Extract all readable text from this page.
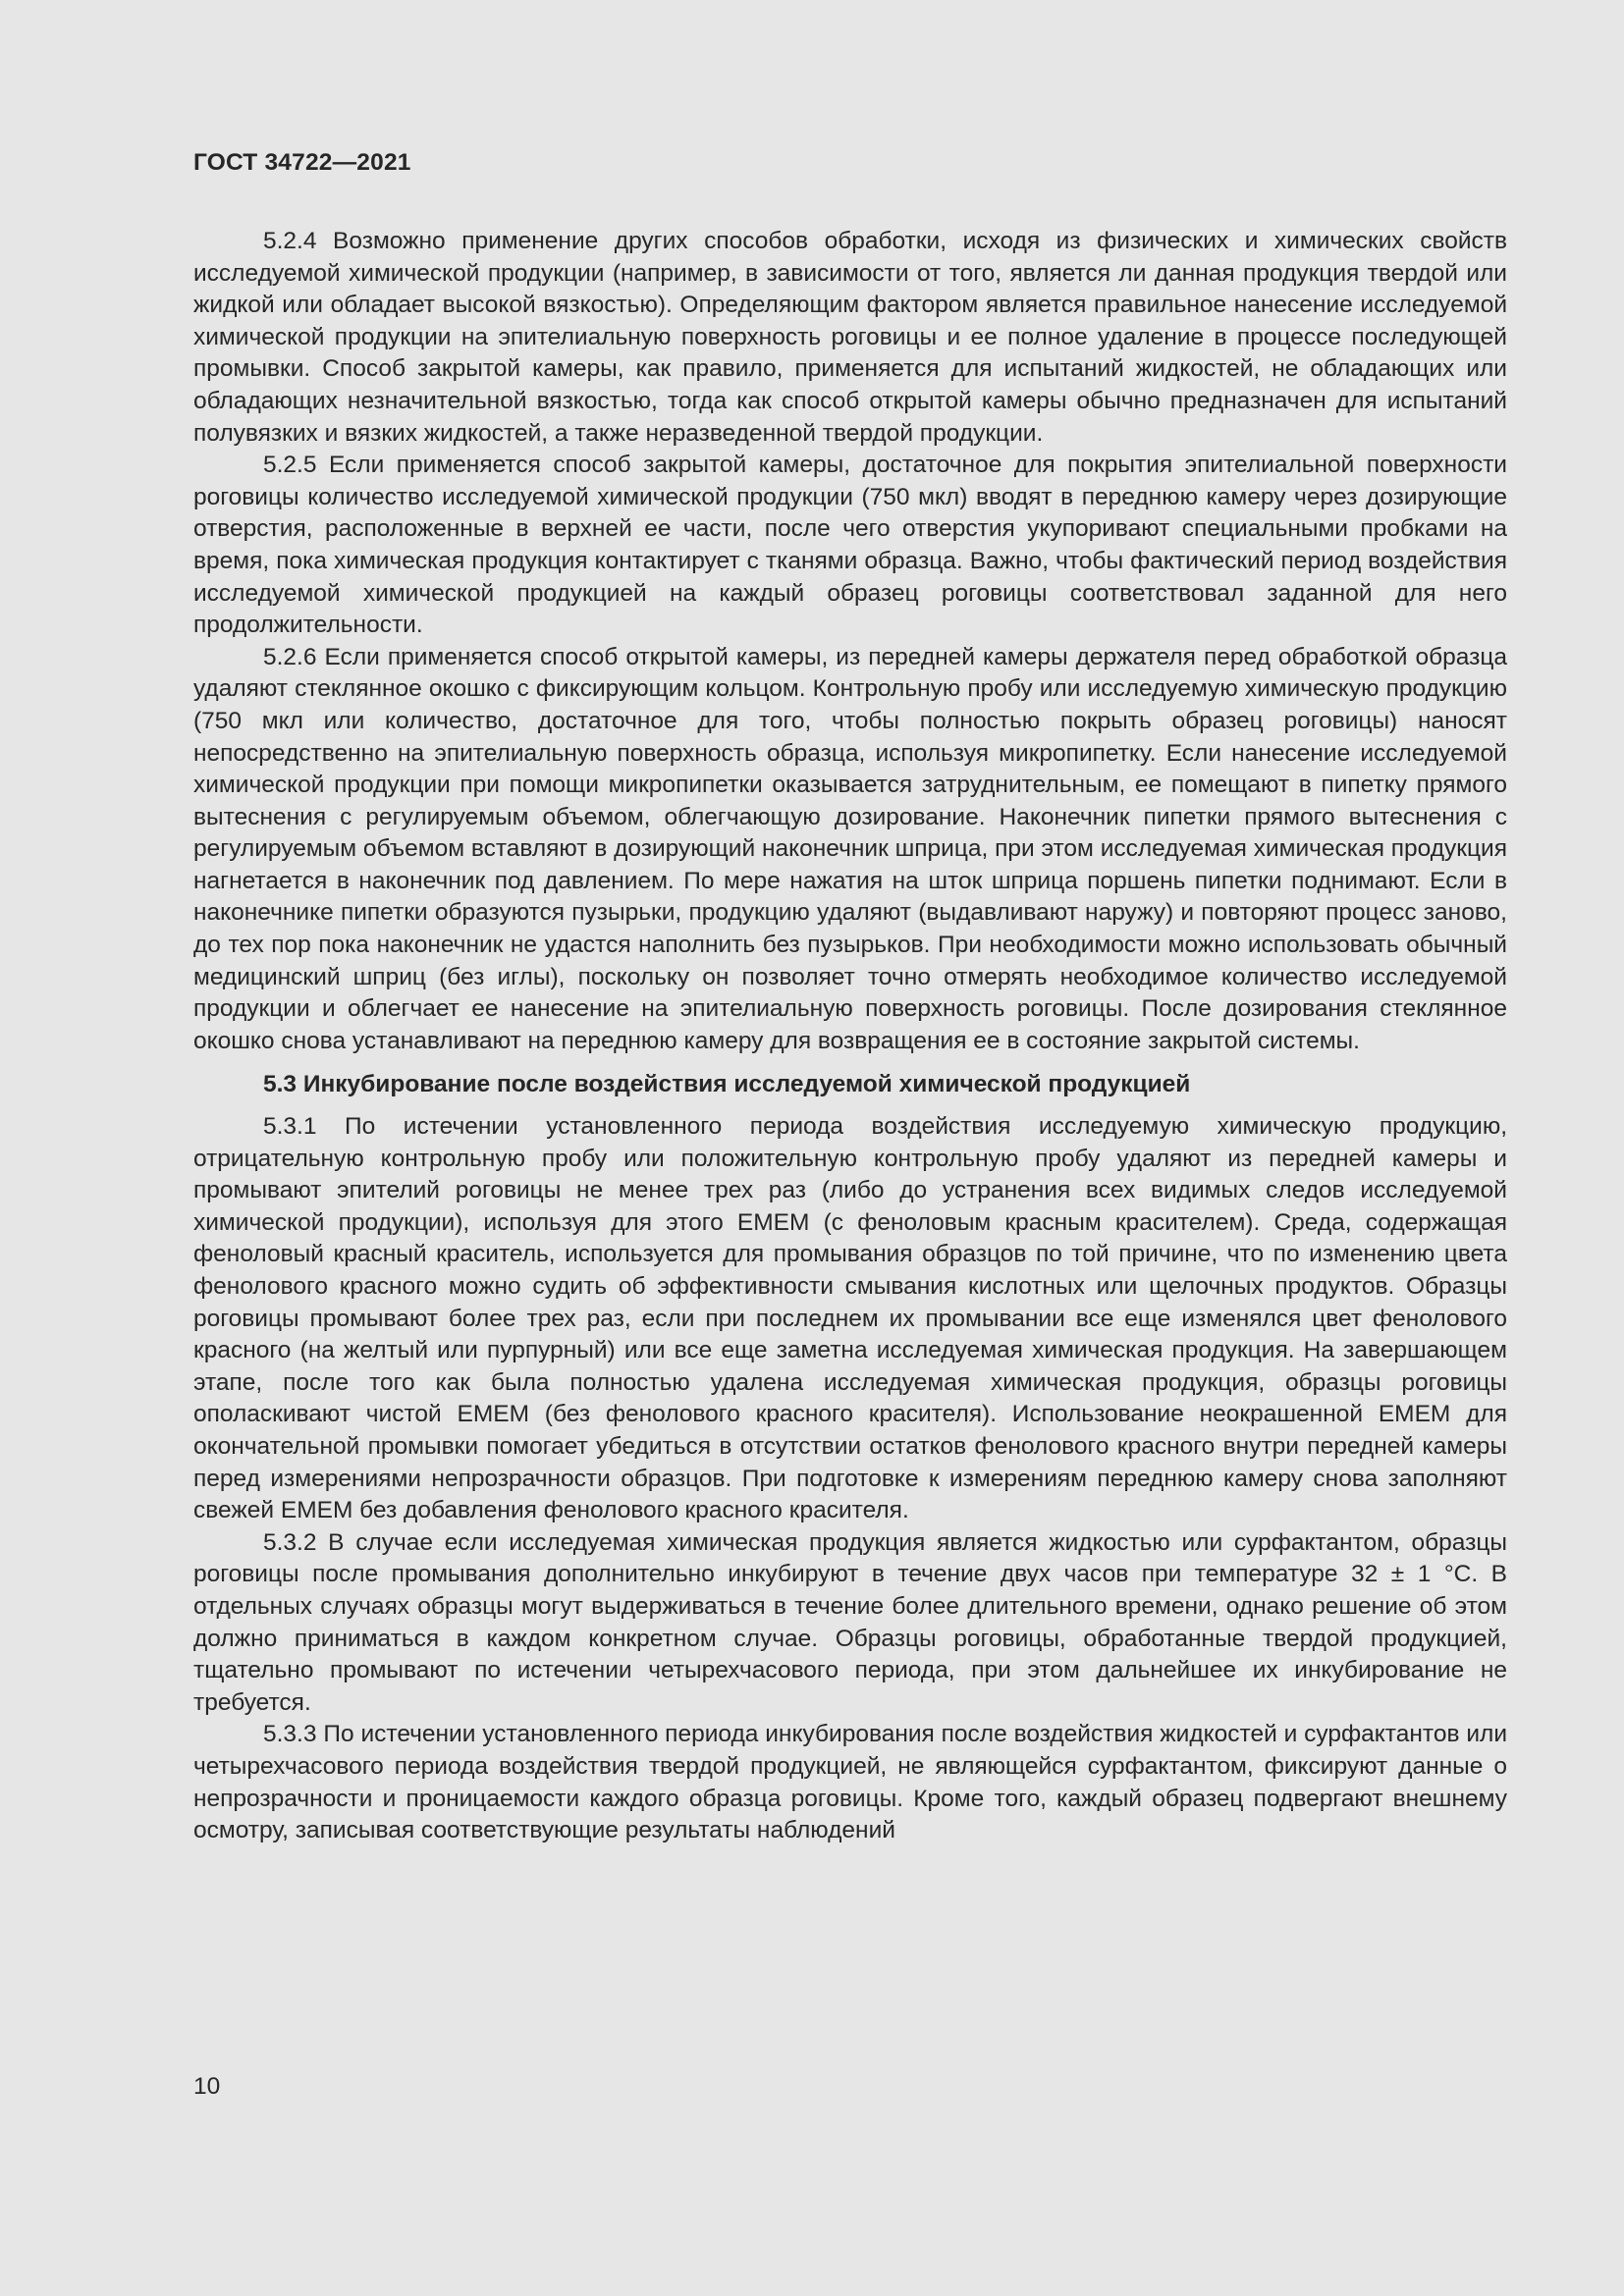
ГОСТ 34722—2021

5.2.4 Возможно применение других способов обработки, исходя из физических и химических свойств исследуемой химической продукции (например, в зависимости от того, является ли данная продукция твердой или жидкой или обладает высокой вязкостью). Определяющим фактором является правильное нанесение исследуемой химической продукции на эпителиальную поверхность роговицы и ее полное удаление в процессе последующей промывки. Способ закрытой камеры, как правило, применяется для испытаний жидкостей, не обладающих или обладающих незначительной вязкостью, тогда как способ открытой камеры обычно предназначен для испытаний полувязких и вязких жидкостей, а также неразведенной твердой продукции.

5.2.5 Если применяется способ закрытой камеры, достаточное для покрытия эпителиальной поверхности роговицы количество исследуемой химической продукции (750 мкл) вводят в переднюю камеру через дозирующие отверстия, расположенные в верхней ее части, после чего отверстия укупоривают специальными пробками на время, пока химическая продукция контактирует с тканями образца. Важно, чтобы фактический период воздействия исследуемой химической продукцией на каждый образец роговицы соответствовал заданной для него продолжительности.

5.2.6 Если применяется способ открытой камеры, из передней камеры держателя перед обработкой образца удаляют стеклянное окошко с фиксирующим кольцом. Контрольную пробу или исследуемую химическую продукцию (750 мкл или количество, достаточное для того, чтобы полностью покрыть образец роговицы) наносят непосредственно на эпителиальную поверхность образца, используя микропипетку. Если нанесение исследуемой химической продукции при помощи микропипетки оказывается затруднительным, ее помещают в пипетку прямого вытеснения с регулируемым объемом, облегчающую дозирование. Наконечник пипетки прямого вытеснения с регулируемым объемом вставляют в дозирующий наконечник шприца, при этом исследуемая химическая продукция нагнетается в наконечник под давлением. По мере нажатия на шток шприца поршень пипетки поднимают. Если в наконечнике пипетки образуются пузырьки, продукцию удаляют (выдавливают наружу) и повторяют процесс заново, до тех пор пока наконечник не удастся наполнить без пузырьков. При необходимости можно использовать обычный медицинский шприц (без иглы), поскольку он позволяет точно отмерять необходимое количество исследуемой продукции и облегчает ее нанесение на эпителиальную поверхность роговицы. После дозирования стеклянное окошко снова устанавливают на переднюю камеру для возвращения ее в состояние закрытой системы.

5.3 Инкубирование после воздействия исследуемой химической продукцией

5.3.1 По истечении установленного периода воздействия исследуемую химическую продукцию, отрицательную контрольную пробу или положительную контрольную пробу удаляют из передней камеры и промывают эпителий роговицы не менее трех раз (либо до устранения всех видимых следов исследуемой химической продукции), используя для этого ЕМЕМ (с феноловым красным красителем). Среда, содержащая феноловый красный краситель, используется для промывания образцов по той причине, что по изменению цвета фенолового красного можно судить об эффективности смывания кислотных или щелочных продуктов. Образцы роговицы промывают более трех раз, если при последнем их промывании все еще изменялся цвет фенолового красного (на желтый или пурпурный) или все еще заметна исследуемая химическая продукция. На завершающем этапе, после того как была полностью удалена исследуемая химическая продукция, образцы роговицы ополаскивают чистой ЕМЕМ (без фенолового красного красителя). Использование неокрашенной ЕМЕМ для окончательной промывки помогает убедиться в отсутствии остатков фенолового красного внутри передней камеры перед измерениями непрозрачности образцов. При подготовке к измерениям переднюю камеру снова заполняют свежей ЕМЕМ без добавления фенолового красного красителя.

5.3.2 В случае если исследуемая химическая продукция является жидкостью или сурфактантом, образцы роговицы после промывания дополнительно инкубируют в течение двух часов при температуре 32 ± 1 °С. В отдельных случаях образцы могут выдерживаться в течение более длительного времени, однако решение об этом должно приниматься в каждом конкретном случае. Образцы роговицы, обработанные твердой продукцией, тщательно промывают по истечении четырехчасового периода, при этом дальнейшее их инкубирование не требуется.

5.3.3 По истечении установленного периода инкубирования после воздействия жидкостей и сурфактантов или четырехчасового периода воздействия твердой продукцией, не являющейся сурфактантом, фиксируют данные о непрозрачности и проницаемости каждого образца роговицы. Кроме того, каждый образец подвергают внешнему осмотру, записывая соответствующие результаты наблюдений

10
